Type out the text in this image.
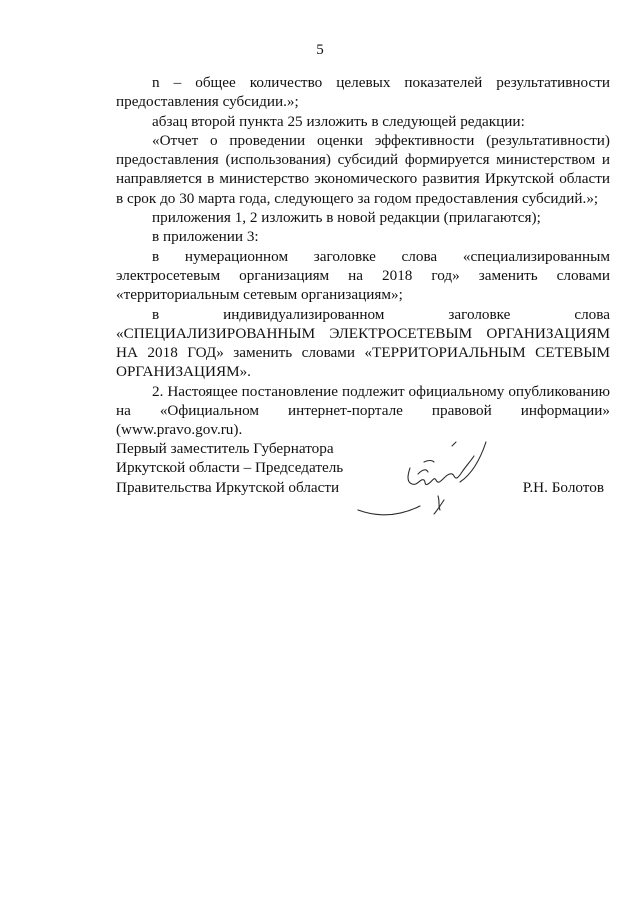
5

n – общее количество целевых показателей результативности

предоставления субсидии.»;

абзац второй пункта 25 изложить в следующей редакции:

«Отчет о проведении оценки эффективности (результативности) предоставления (использования) субсидий формируется министерством и направляется в министерство экономического развития Иркутской области в срок до 30 марта года, следующего за годом предоставления субсидий.»;

приложения 1, 2 изложить в новой редакции (прилагаются);

в приложении 3:

в нумерационном заголовке слова «специализированным электросетевым организациям на 2018 год» заменить словами «территориальным сетевым организациям»;

в индивидуализированном заголовке слова «СПЕЦИАЛИЗИРОВАННЫМ ЭЛЕКТРОСЕТЕВЫМ ОРГАНИЗАЦИЯМ НА 2018 ГОД» заменить словами «ТЕРРИТОРИАЛЬНЫМ СЕТЕВЫМ ОРГАНИЗАЦИЯМ».

2. Настоящее постановление подлежит официальному опубликованию на «Официальном интернет-портале правовой информации» (www.pravo.gov.ru).

Первый заместитель Губернатора
Иркутской области – Председатель
Правительства Иркутской области	Р.Н. Болотов
